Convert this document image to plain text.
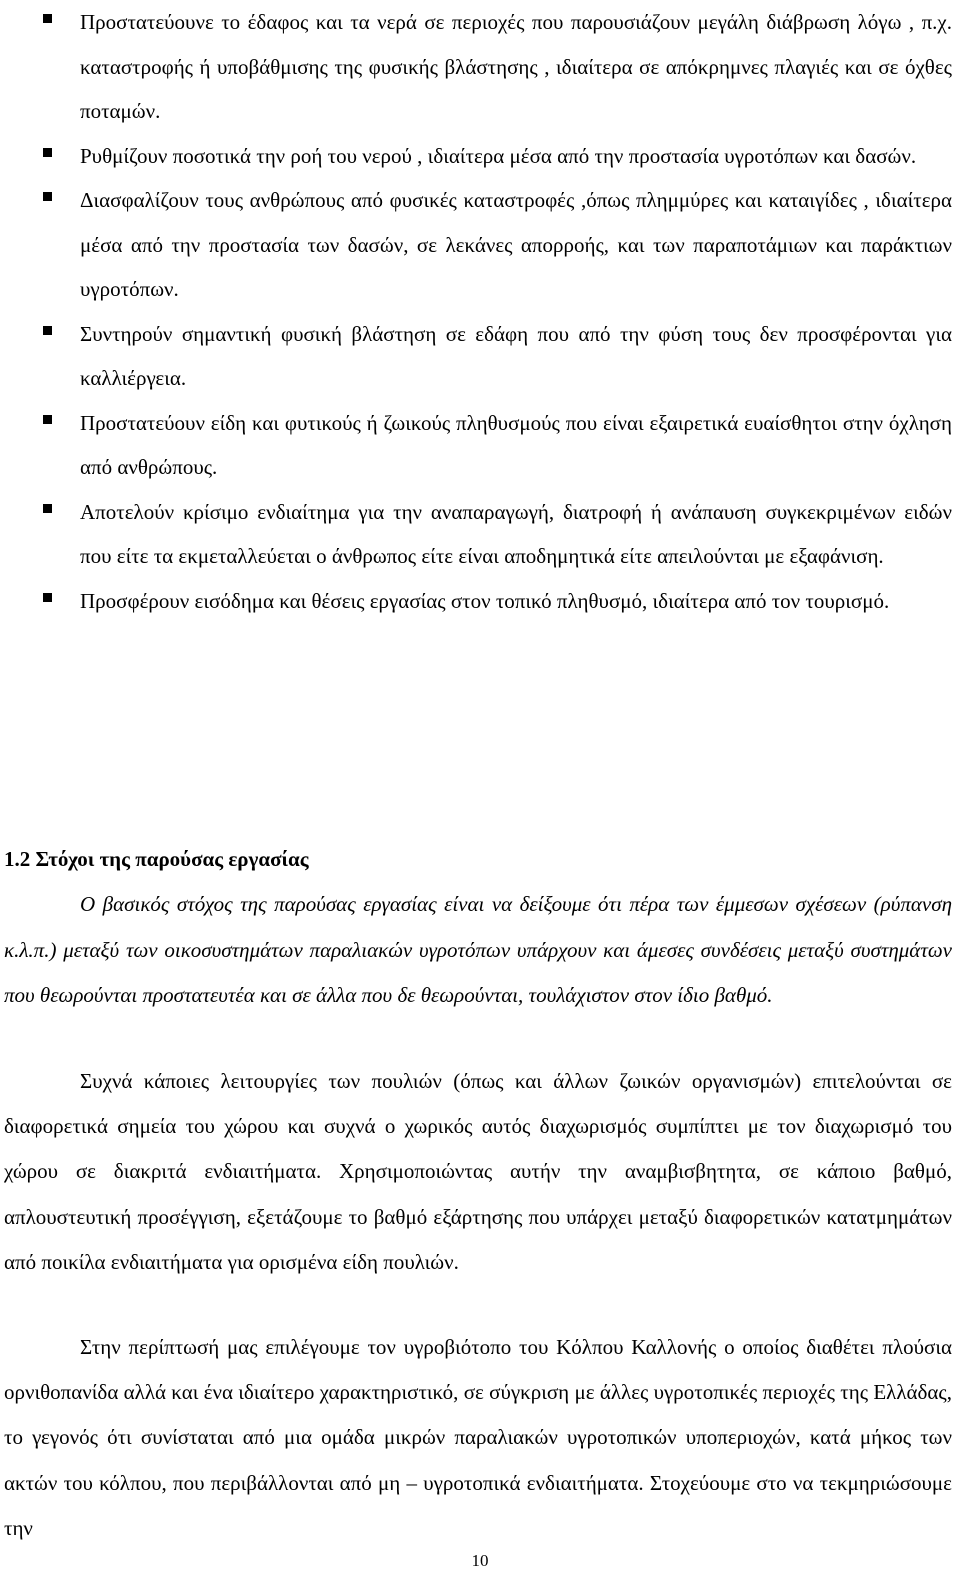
Προστατεύουνε το έδαφος και τα νερά σε περιοχές που παρουσιάζουν μεγάλη διάβρωση λόγω , π.χ. καταστροφής ή υποβάθμισης της φυσικής βλάστησης , ιδιαίτερα σε απόκρημνες πλαγιές και σε όχθες ποταμών.
Ρυθμίζουν ποσοτικά την ροή του νερού , ιδιαίτερα μέσα από την προστασία υγροτόπων και δασών.
Διασφαλίζουν τους ανθρώπους από φυσικές καταστροφές ,όπως πλημμύρες και καταιγίδες , ιδιαίτερα μέσα από την προστασία των δασών, σε λεκάνες απορροής, και των παραποτάμιων και παράκτιων υγροτόπων.
Συντηρούν σημαντική φυσική βλάστηση σε εδάφη που από την φύση τους δεν προσφέρονται για καλλιέργεια.
Προστατεύουν είδη και φυτικούς ή ζωικούς πληθυσμούς που είναι εξαιρετικά ευαίσθητοι στην όχληση από ανθρώπους.
Αποτελούν κρίσιμο ενδιαίτημα για την αναπαραγωγή, διατροφή ή ανάπαυση συγκεκριμένων ειδών που είτε τα εκμεταλλεύεται ο άνθρωπος είτε είναι αποδημητικά είτε απειλούνται με εξαφάνιση.
Προσφέρουν εισόδημα και θέσεις εργασίας στον τοπικό πληθυσμό, ιδιαίτερα από τον τουρισμό.
1.2 Στόχοι της παρούσας εργασίας

Ο βασικός στόχος της παρούσας εργασίας είναι να δείξουμε ότι πέρα των έμμεσων σχέσεων (ρύπανση κ.λ.π.) μεταξύ των οικοσυστημάτων παραλιακών υγροτόπων υπάρχουν και άμεσες συνδέσεις μεταξύ συστημάτων που θεωρούνται προστατευτέα και σε άλλα που δε θεωρούνται, τουλάχιστον στον ίδιο βαθμό.

Συχνά κάποιες λειτουργίες των πουλιών (όπως και άλλων ζωικών οργανισμών) επιτελούνται σε διαφορετικά σημεία του χώρου και συχνά ο χωρικός αυτός διαχωρισμός συμπίπτει με τον διαχωρισμό του χώρου σε διακριτά ενδιαιτήματα. Χρησιμοποιώντας αυτήν την αναμβισβητητα, σε κάποιο βαθμό, απλουστευτική προσέγγιση, εξετάζουμε το βαθμό εξάρτησης που υπάρχει μεταξύ διαφορετικών κατατμημάτων από ποικίλα ενδιαιτήματα για ορισμένα είδη πουλιών.

Στην περίπτωσή μας επιλέγουμε τον υγροβιότοπο του Κόλπου Καλλονής ο οποίος διαθέτει πλούσια ορνιθοπανίδα αλλά και ένα ιδιαίτερο χαρακτηριστικό, σε σύγκριση με άλλες υγροτοπικές περιοχές της Ελλάδας, το γεγονός ότι συνίσταται από μια ομάδα μικρών παραλιακών υγροτοπικών υποπεριοχών, κατά μήκος των ακτών του κόλπου, που περιβάλλονται από μη – υγροτοπικά ενδιαιτήματα. Στοχεύουμε στο να τεκμηριώσουμε την

10
